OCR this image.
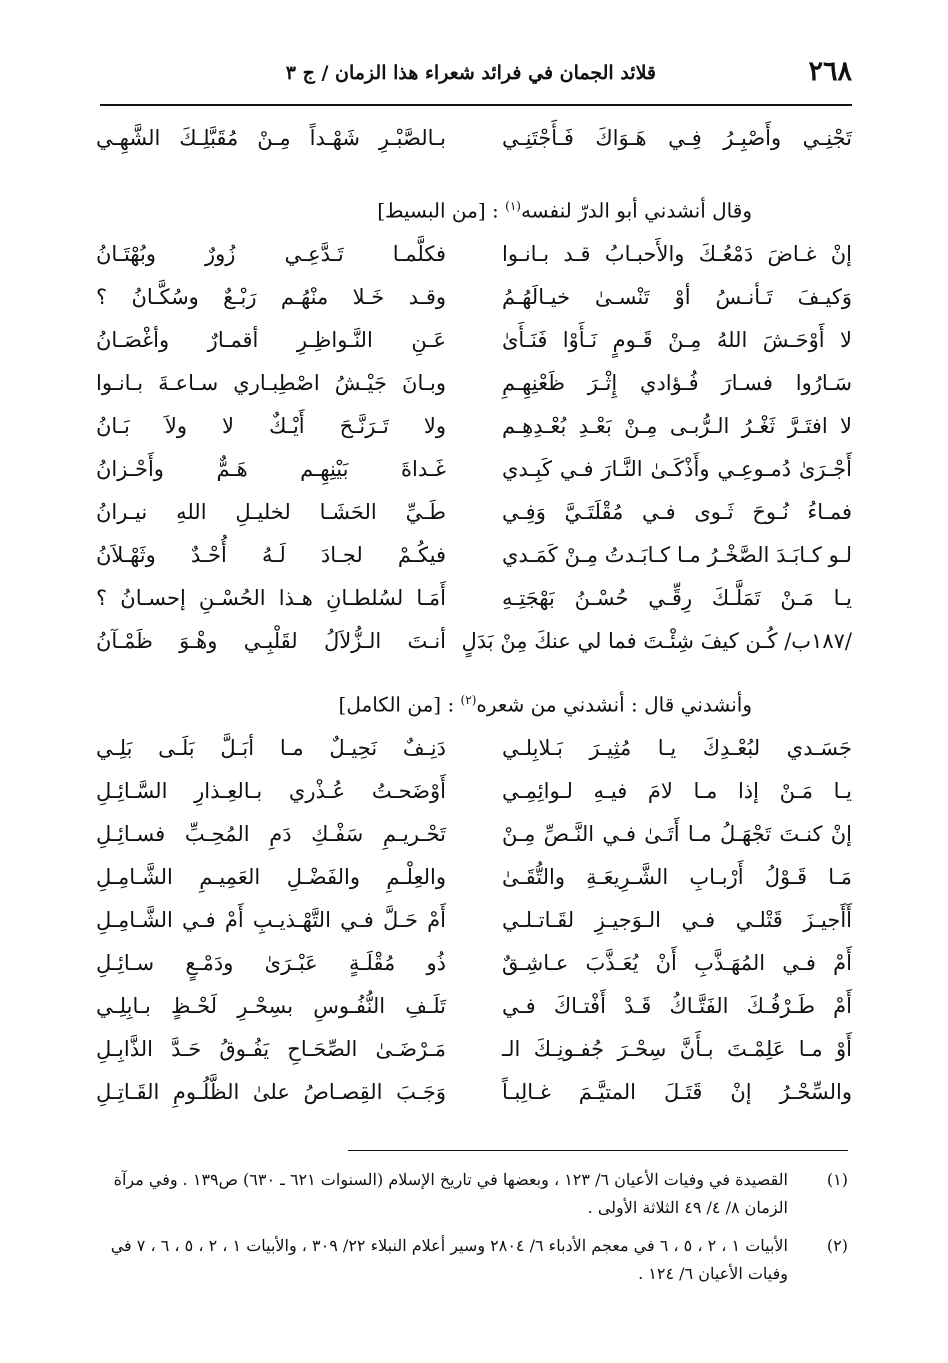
٢٦٨
قلائد الجمان في فرائد شعراء هذا الزمان / ج ٣
تَجْنِـي وأَصْبِـرُ فِـي هَـوَاكَ فَـأَجْتَنِـي
بـالصَّبْـرِ شَهْـداً مِـنْ مُقَبَّلِـكَ الشَّهِـي
وقال أنشدني أبو الدرّ لنفسه$^{(١)}$ : [من البسيط]
إنْ غـاضَ دَمْعُـكَ والأَحبـابُ قـد بـانـوا
فكلَّمـا تَـدَّعِـي زُورٌ وبُهْتَـانُ
وَكيـفَ تَـأنـسُ أوْ تَنْسـىٰ خيـالَهُـمُ
وقـد خَـلا منْهُـم رَبْـعٌ وسُكَّـانُ ؟
لا أَوْحَـشَ اللهُ مِـنْ قَـومٍ نَـأَوْا فَنَـأَىٰ
عَـنِ النَّـواظِـرِ أقمـارٌ وأغْصَـانُ
سَـارُوا فسـارَ فُـؤادي إِثْـرَ ظَعْنِهِـمِ
وبـانَ جَيْـشُ اصْطِبـاري سـاعـةَ بـانـوا
لا افتَـرَّ ثَغْـرُ الـرُّبـى مِـنْ بَعْـدِ بُعْـدِهِـم
ولا تَـرَنَّـحَ أَيْـكٌ لا ولاَ بَـانُ
أَجْـرَىٰ دُمـوعِـي وأَذْكَـىٰ النَّـارَ فـي كَبِـدي
غَـداةَ بَيْنِهِـم هَـمٌّ وأَحْـزانُ
فمـاءُ نُـوحَ ثَـوى فـي مُقْلَتَـيَّ وَفِـي
طَـيِّ الحَشَـا لخليـلِ اللهِ نيـرانُ
لـو كـابَـدَ الصَّخْـرُ مـا كـابَـدتُ مِـنْ كَمَـدي
فيكُـمْ لجـادَ لَـهُ أُحْـدٌ وثَهْـلاَنُ
يـا مَـنْ تَمَلَّـكَ رِقِّـي حُسْـنُ بَهْجَتِـهِ
أَمَـا لسُلطـانِ هـذا الحُسْـنِ إحسـانُ ؟
/١٨٧ب/ كُـن كيفَ شِئْـتَ فما لي عنكَ مِنْ بَدَلٍ
أنـتَ الـزُّلاَلُ لقَلْبِـي وهْـوَ ظَمْـآنُ
وأنشدني قال : أنشدني من شعره$^{(٢)}$ : [من الكامل]
جَسَـدي لبُعْـدِكَ يـا مُثِيـرَ بَـلابِلـي
دَنِـفٌ نَحِيـلٌ مـا أبَـلَّ بَلَـى بَلِـي
يـا مَـنْ إذا مـا لامَ فيـهِ لـوائِمِـي
أَوْضَحـتُ عُـذْري بـالعِـذارِ السَّـائِـلِ
إنْ كنـتَ تَجْهَـلُ مـا أَتَـىٰ فـي النَّـصِّ مِـنْ
تَحْـريـمِ سَفْـكِ دَمِ المُحِـبِّ فسـائِـلِ
مَـا قَـوْلُ أَرْبـابِ الشَّـرِيعَـةِ والتُّقَـىٰ
والعِلْـمِ والفَضْـلِ العَمِيـمِ الشَّـامِـلِ
أَأَجيـزَ قَتْلـي فـي الـوَجيـزِ لقَـاتـلـي
أَمْ حَـلَّ فـي التَّهْـذيـبِ أَمْ فـي الشَّـامِـلِ
أَمْ فـي المُهَـذَّبِ أَنْ يُعَـذَّبَ عـاشِـقٌ
ذُو مُقْلَـةٍ عَبْـرَىٰ ودَمْـعٍ سـائِـلِ
أَمْ طَـرْفُـكَ الفَتَّـاكُ قَـدْ أَفْتـاكَ فـي
تَلَـفِ النُّفُـوسِ بسِحْـرِ لَحْـظٍ بـابِلِـي
أَوْ مـا عَلِمْـتَ بـأَنَّ سِحْـرَ جُفـونِـكَ الـ
مَـرْضَـىٰ الصِّحَـاحِ يَفُـوقُ حَـدَّ الذَّابِـلِ
والسِّحْـرُ إنْ قَتَـلَ المتيَّـمَ غـالِبـاً
وَجَـبَ القِصـاصُ علىٰ الظَّلُـومِ القَـاتِـلِ
(١)
القصيدة في وفيات الأعيان ٦/ ١٢٣ ، وبعضها في تاريخ الإسلام (السنوات ٦٢١ ـ ٦٣٠) ص١٣٩ . وفي مرآة الزمان ٨/ ٤/ ٤٩ الثلاثة الأولى .
(٢)
الأبيات ١ ، ٢ ، ٥ ، ٦ في معجم الأدباء ٦/ ٢٨٠٤ وسير أعلام النبلاء ٢٢/ ٣٠٩ ، والأبيات ١ ، ٢ ، ٥ ، ٦ ، ٧ في وفيات الأعيان ٦/ ١٢٤ .
